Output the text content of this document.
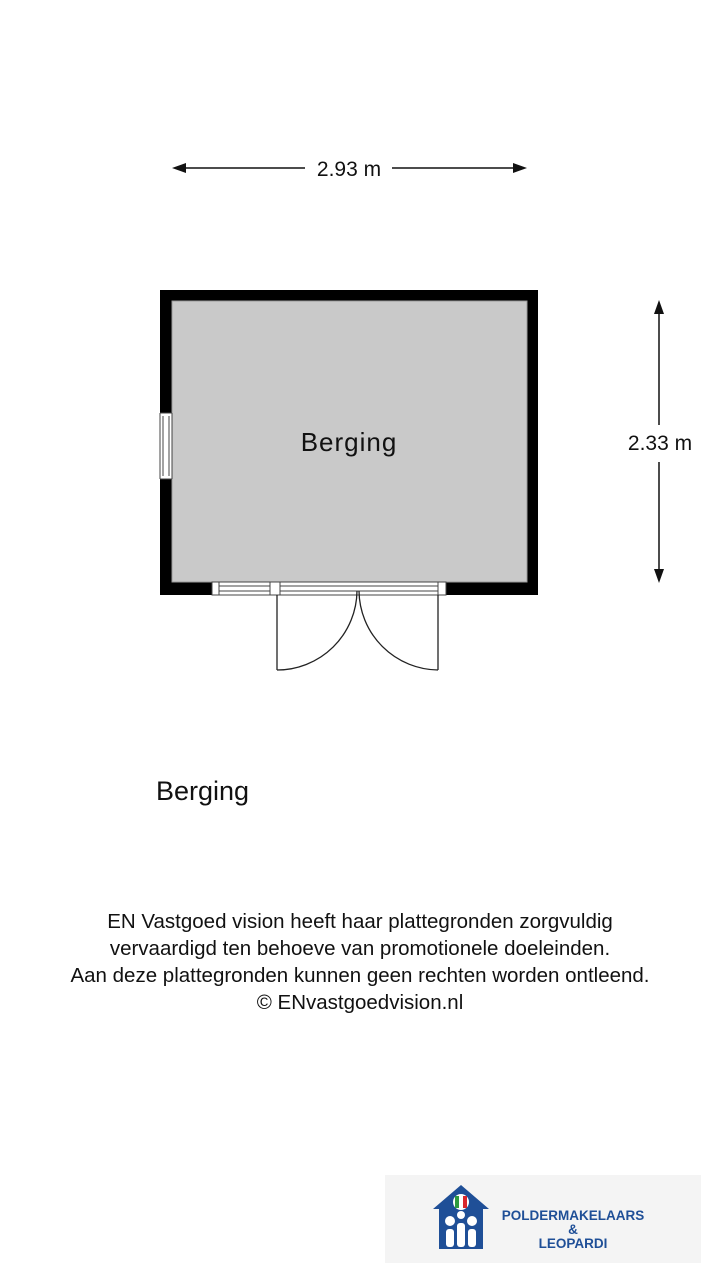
2.93 m
2.33 m
Berging
Berging
EN Vastgoed vision heeft haar plattegronden zorgvuldig
vervaardigd ten behoeve van promotionele doeleinden.
Aan deze plattegronden kunnen geen rechten worden ontleend.
© ENvastgoedvision.nl
POLDERMAKELAARS
&
LEOPARDI
